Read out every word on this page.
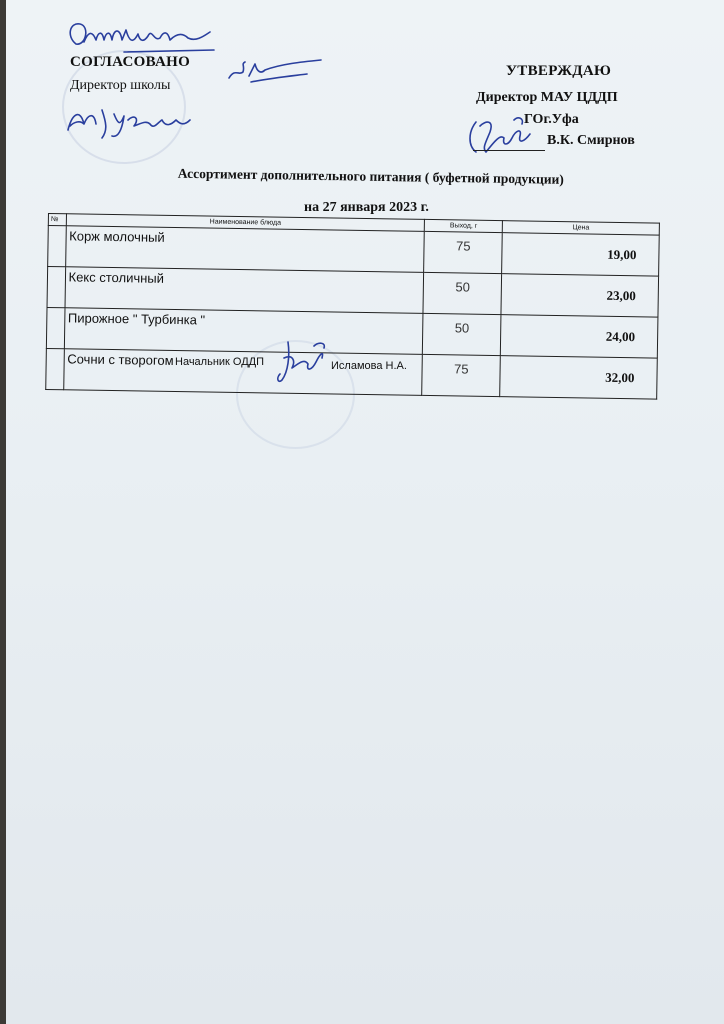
СОГЛАСОВАНО
Директор школы
УТВЕРЖДАЮ
Директор МАУ ЦДДП
ГОг.Уфа
В.К. Смирнов
Ассортимент дополнительного питания ( буфетной продукции)
на 27 января 2023 г.
№	Наименование блюда	Выход, г	Цена
	Корж молочный	75	19,00
	Кекс столичный	50	23,00
	Пирожное " Турбинка "	50	24,00
	Сочни с творогом	75	32,00
Начальник ОДДП	Исламова Н.А.
